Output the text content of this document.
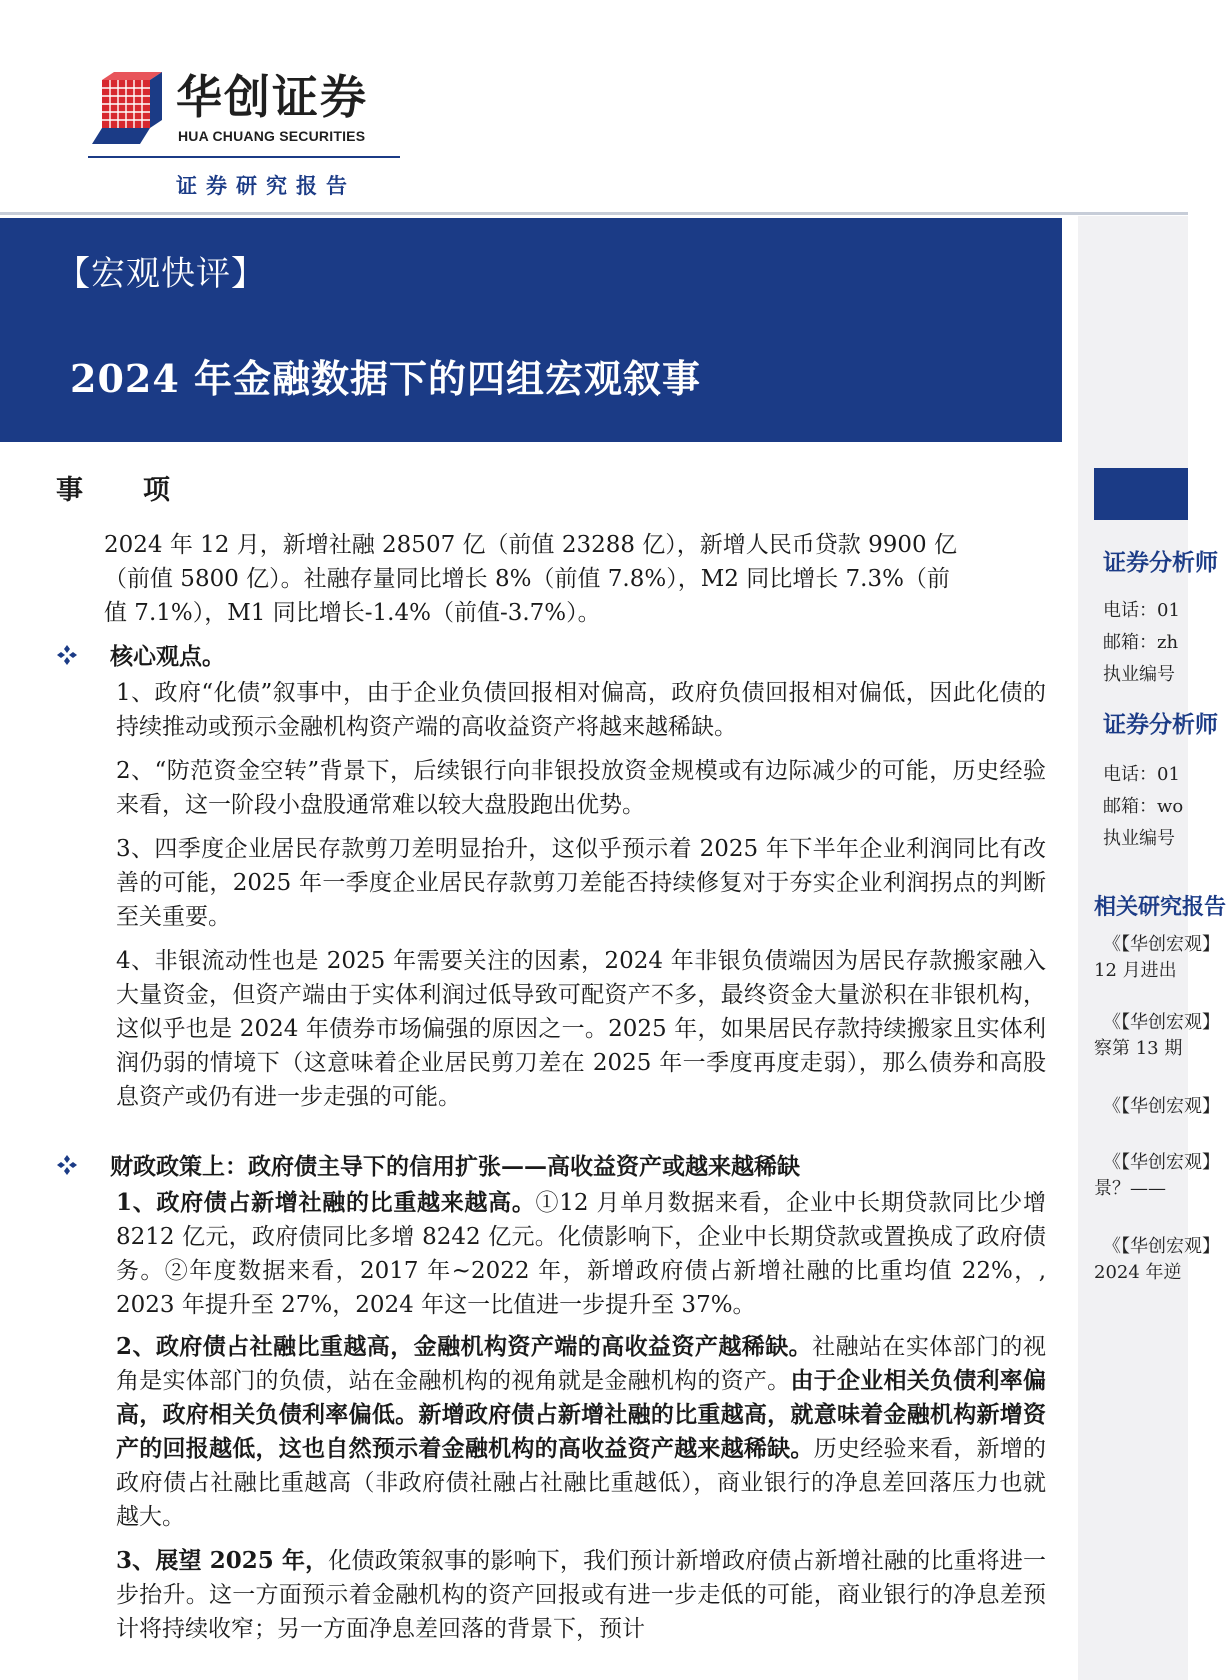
华创证券
HUA CHUANG SECURITIES
证券研究报告
【宏观快评】
2024 年金融数据下的四组宏观叙事
证券分析师
电话：01
邮箱：zh
执业编号
证券分析师
电话：01
邮箱：wo
执业编号
相关研究报告
《【华创宏观】
12 月进出
《【华创宏观】
察第 13 期
《【华创宏观】
《【华创宏观】
景？——
《【华创宏观】
2024 年逆
事 项
2024 年 12 月，新增社融 28507 亿（前值 23288 亿），新增人民币贷款 9900 亿
（前值 5800 亿）。社融存量同比增长 8%（前值 7.8%），M2 同比增长 7.3%（前
值 7.1%），M1 同比增长-1.4%（前值-3.7%）。
核心观点。
1、政府“化债”叙事中，由于企业负债回报相对偏高，政府负债回报相对偏低，因此化债的持续推动或预示金融机构资产端的高收益资产将越来越稀缺。
2、“防范资金空转”背景下，后续银行向非银投放资金规模或有边际减少的可能，历史经验来看，这一阶段小盘股通常难以较大盘股跑出优势。
3、四季度企业居民存款剪刀差明显抬升，这似乎预示着 2025 年下半年企业利润同比有改善的可能，2025 年一季度企业居民存款剪刀差能否持续修复对于夯实企业利润拐点的判断至关重要。
4、非银流动性也是 2025 年需要关注的因素，2024 年非银负债端因为居民存款搬家融入大量资金，但资产端由于实体利润过低导致可配资产不多，最终资金大量淤积在非银机构，这似乎也是 2024 年债券市场偏强的原因之一。2025 年，如果居民存款持续搬家且实体利润仍弱的情境下（这意味着企业居民剪刀差在 2025 年一季度再度走弱），那么债券和高股息资产或仍有进一步走强的可能。
财政政策上：政府债主导下的信用扩张——高收益资产或越来越稀缺
1、政府债占新增社融的比重越来越高。①12 月单月数据来看，企业中长期贷款同比少增 8212 亿元，政府债同比多增 8242 亿元。化债影响下，企业中长期贷款或置换成了政府债务。②年度数据来看，2017 年~2022 年，新增政府债占新增社融的比重均值 22%，, 2023 年提升至 27%，2024 年这一比值进一步提升至 37%。
2、政府债占社融比重越高，金融机构资产端的高收益资产越稀缺。社融站在实体部门的视角是实体部门的负债，站在金融机构的视角就是金融机构的资产。由于企业相关负债利率偏高，政府相关负债利率偏低。新增政府债占新增社融的比重越高，就意味着金融机构新增资产的回报越低，这也自然预示着金融机构的高收益资产越来越稀缺。历史经验来看，新增的政府债占社融比重越高（非政府债社融占社融比重越低），商业银行的净息差回落压力也就越大。
3、展望 2025 年，化债政策叙事的影响下，我们预计新增政府债占新增社融的比重将进一步抬升。这一方面预示着金融机构的资产回报或有进一步走低的可能，商业银行的净息差预计将持续收窄；另一方面净息差回落的背景下，预计
